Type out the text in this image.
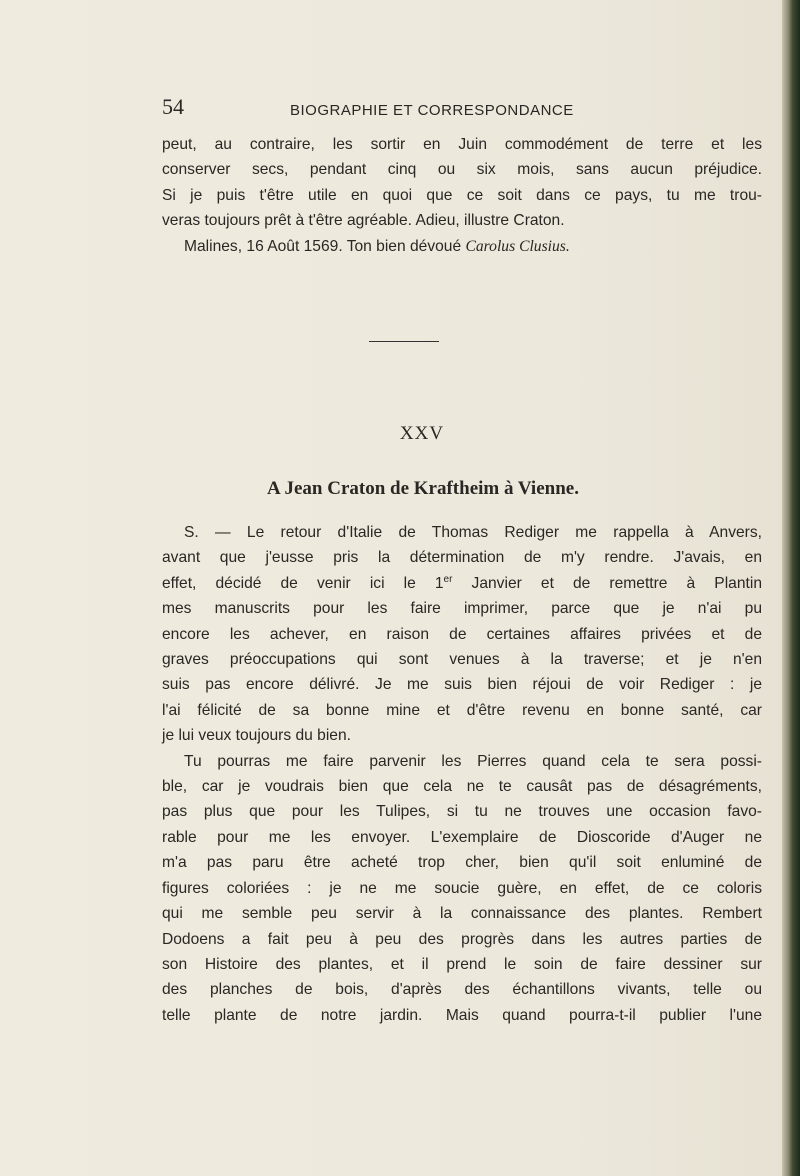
54	BIOGRAPHIE ET CORRESPONDANCE
peut, au contraire, les sortir en Juin commodément de terre et les
conserver secs, pendant cinq ou six mois, sans aucun préjudice.
Si je puis t'être utile en quoi que ce soit dans ce pays, tu me trou-
veras toujours prêt à t'être agréable. Adieu, illustre Craton.
Malines, 16 Août 1569. Ton bien dévoué Carolus Clusius.
XXV
A Jean Craton de Kraftheim à Vienne.
S. — Le retour d'Italie de Thomas Rediger me rappella à Anvers,
avant que j'eusse pris la détermination de m'y rendre. J'avais, en
effet, décidé de venir ici le 1er Janvier et de remettre à Plantin
mes manuscrits pour les faire imprimer, parce que je n'ai pu
encore les achever, en raison de certaines affaires privées et de
graves préoccupations qui sont venues à la traverse; et je n'en
suis pas encore délivré. Je me suis bien réjoui de voir Rediger : je
l'ai félicité de sa bonne mine et d'être revenu en bonne santé, car
je lui veux toujours du bien.
Tu pourras me faire parvenir les Pierres quand cela te sera possi-
ble, car je voudrais bien que cela ne te causât pas de désagréments,
pas plus que pour les Tulipes, si tu ne trouves une occasion favo-
rable pour me les envoyer. L'exemplaire de Dioscoride d'Auger ne
m'a pas paru être acheté trop cher, bien qu'il soit enluminé de
figures coloriées : je ne me soucie guère, en effet, de ce coloris
qui me semble peu servir à la connaissance des plantes. Rembert
Dodoens a fait peu à peu des progrès dans les autres parties de
son Histoire des plantes, et il prend le soin de faire dessiner sur
des planches de bois, d'après des échantillons vivants, telle ou
telle plante de notre jardin. Mais quand pourra-t-il publier l'une
